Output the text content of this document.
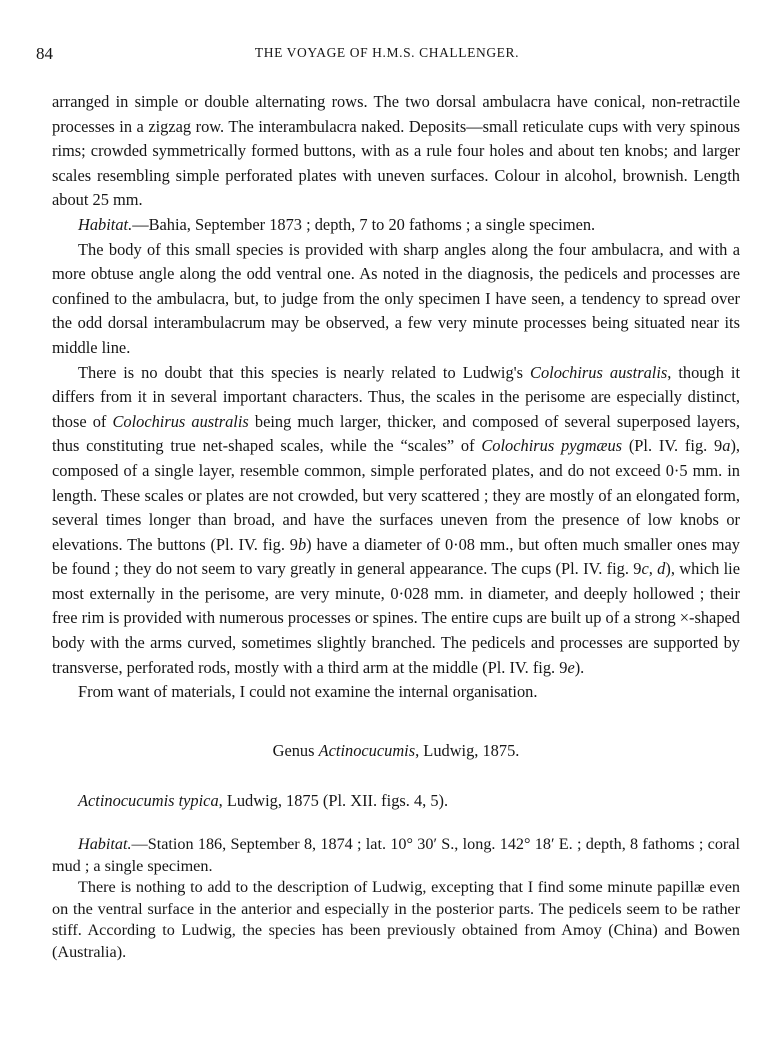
84	THE VOYAGE OF H.M.S. CHALLENGER.

arranged in simple or double alternating rows. The two dorsal ambulacra have conical, non-retractile processes in a zigzag row. The interambulacra naked. Deposits—small reticulate cups with very spinous rims; crowded symmetrically formed buttons, with as a rule four holes and about ten knobs; and larger scales resembling simple perforated plates with uneven surfaces. Colour in alcohol, brownish. Length about 25 mm.

Habitat.—Bahia, September 1873 ; depth, 7 to 20 fathoms ; a single specimen.

The body of this small species is provided with sharp angles along the four ambulacra, and with a more obtuse angle along the odd ventral one. As noted in the diagnosis, the pedicels and processes are confined to the ambulacra, but, to judge from the only specimen I have seen, a tendency to spread over the odd dorsal interambulacrum may be observed, a few very minute processes being situated near its middle line.

There is no doubt that this species is nearly related to Ludwig's Colochirus australis, though it differs from it in several important characters. Thus, the scales in the perisome are especially distinct, those of Colochirus australis being much larger, thicker, and composed of several superposed layers, thus constituting true net-shaped scales, while the “scales” of Colochirus pygmæus (Pl. IV. fig. 9a), composed of a single layer, resemble common, simple perforated plates, and do not exceed 0·5 mm. in length. These scales or plates are not crowded, but very scattered ; they are mostly of an elongated form, several times longer than broad, and have the surfaces uneven from the presence of low knobs or elevations. The buttons (Pl. IV. fig. 9b) have a diameter of 0·08 mm., but often much smaller ones may be found ; they do not seem to vary greatly in general appearance. The cups (Pl. IV. fig. 9c, d), which lie most externally in the perisome, are very minute, 0·028 mm. in diameter, and deeply hollowed ; their free rim is provided with numerous processes or spines. The entire cups are built up of a strong ×-shaped body with the arms curved, sometimes slightly branched. The pedicels and processes are supported by transverse, perforated rods, mostly with a third arm at the middle (Pl. IV. fig. 9e).

From want of materials, I could not examine the internal organisation.

Genus Actinocucumis, Ludwig, 1875.

Actinocucumis typica, Ludwig, 1875 (Pl. XII. figs. 4, 5).

Habitat.—Station 186, September 8, 1874 ; lat. 10° 30′ S., long. 142° 18′ E. ; depth, 8 fathoms ; coral mud ; a single specimen.

There is nothing to add to the description of Ludwig, excepting that I find some minute papillæ even on the ventral surface in the anterior and especially in the posterior parts. The pedicels seem to be rather stiff. According to Ludwig, the species has been previously obtained from Amoy (China) and Bowen (Australia).
